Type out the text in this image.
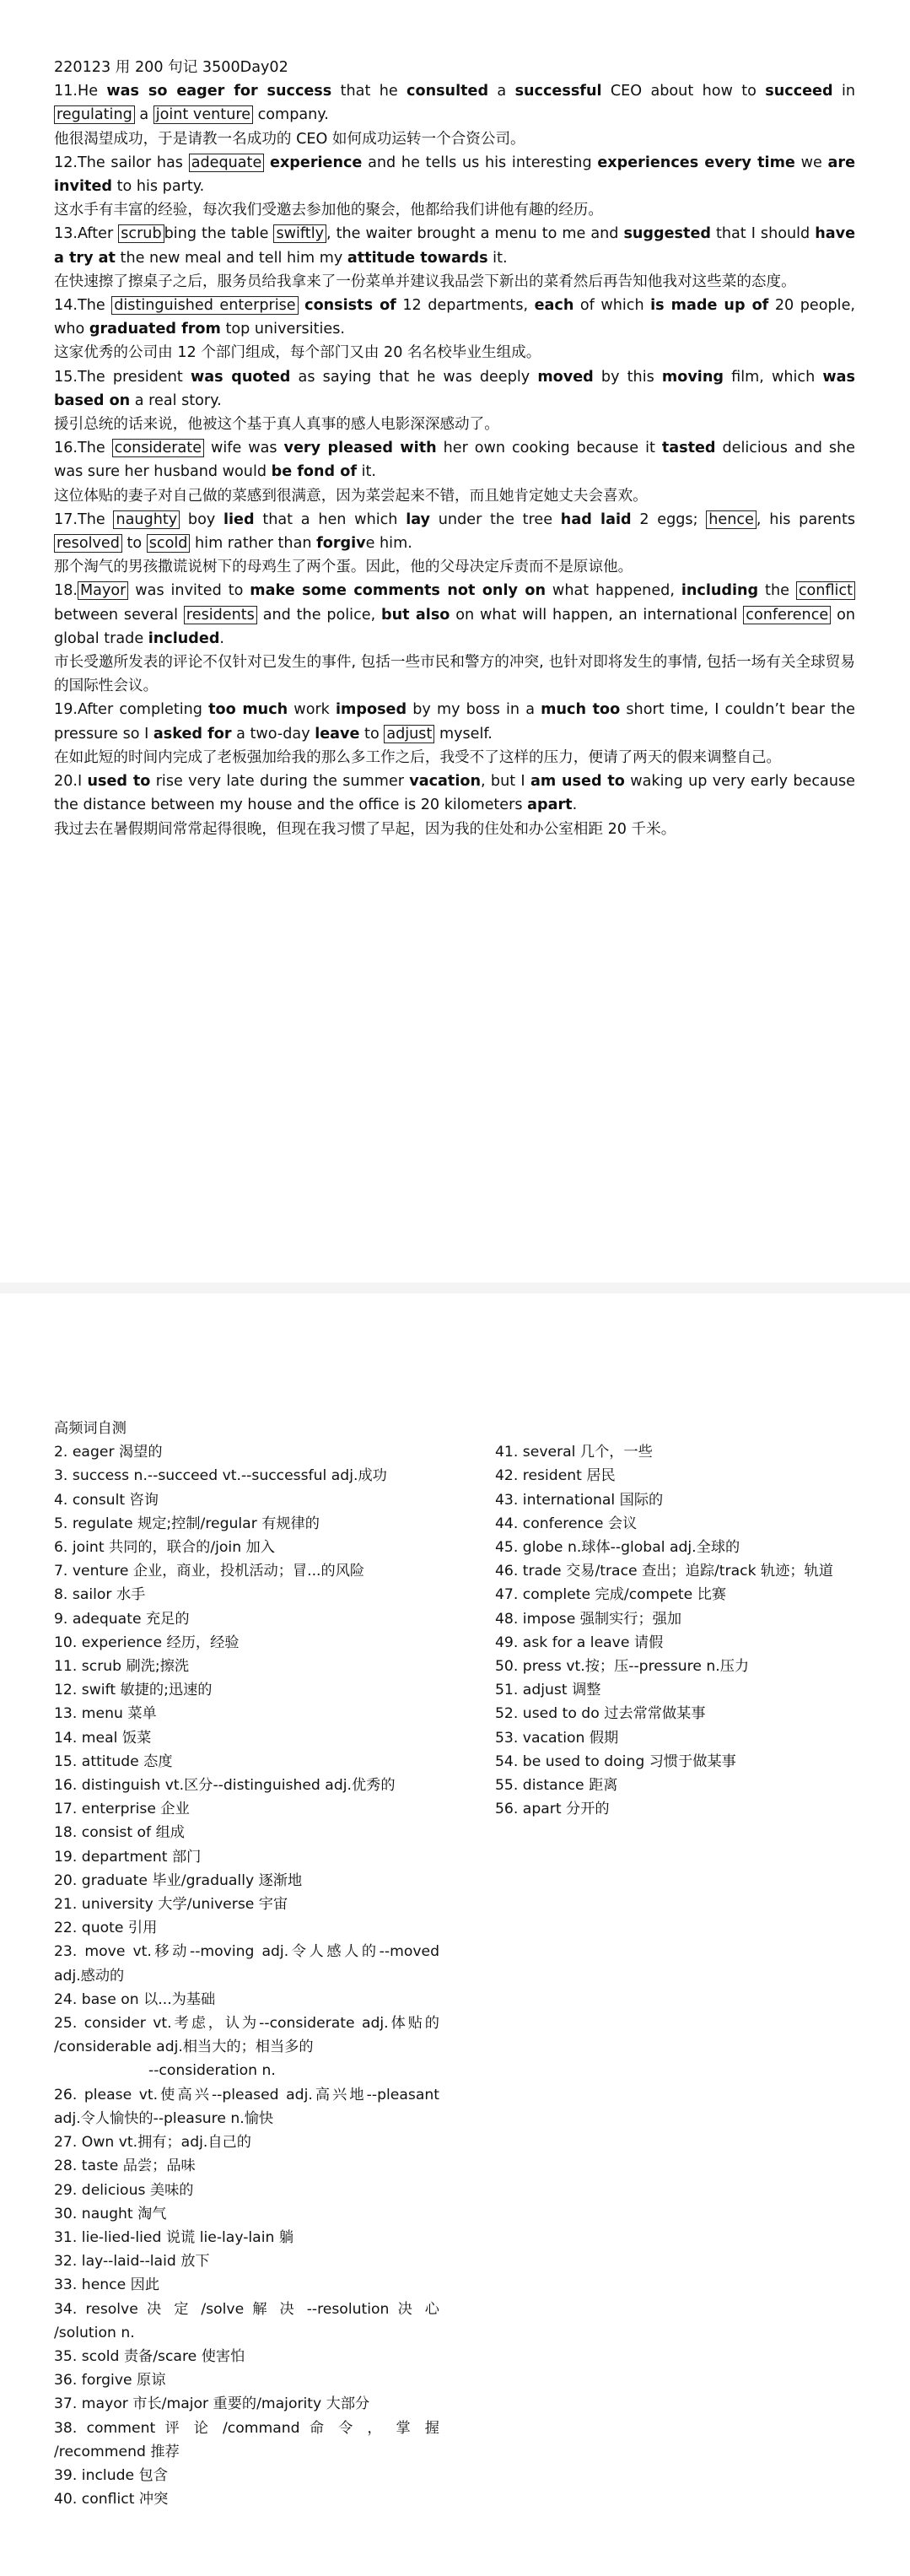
220123 用 200 句记 3500Day02

11.He was so eager for success that he consulted a successful CEO about how to succeed in regulating a joint venture company.

他很渴望成功，于是请教一名成功的 CEO 如何成功运转一个合资公司。

12.The sailor has adequate experience and he tells us his interesting experiences every time we are invited to his party.

这水手有丰富的经验，每次我们受邀去参加他的聚会，他都给我们讲他有趣的经历。

13.After scrub bing the table swiftly , the waiter brought a menu to me and suggested that I should have a try at the new meal and tell him my attitude towards it.

在快速擦了擦桌子之后，服务员给我拿来了一份菜单并建议我品尝下新出的菜肴然后再告知他我对这些菜的态度。

14.The distinguished enterprise consists of 12 departments, each of which is made up of 20 people, who graduated from top universities.

这家优秀的公司由 12 个部门组成，每个部门又由 20 名名校毕业生组成。

15.The president was quoted as saying that he was deeply moved by this moving film, which was based on a real story.

援引总统的话来说，他被这个基于真人真事的感人电影深深感动了。

16.The considerate wife was very pleased with her own cooking because it tasted delicious and she was sure her husband would be fond of it.

这位体贴的妻子对自己做的菜感到很满意，因为菜尝起来不错，而且她肯定她丈夫会喜欢。

17.The naughty boy lied that a hen which lay under the tree had laid 2 eggs; hence , his parents resolved to scold him rather than forgive him.

那个淘气的男孩撒谎说树下的母鸡生了两个蛋。因此，他的父母决定斥责而不是原谅他。

18. Mayor was invited to make some comments not only on what happened, including the conflict between several residents and the police, but also on what will happen, an international conference on global trade included.

市长受邀所发表的评论不仅针对已发生的事件, 包括一些市民和警方的冲突, 也针对即将发生的事情, 包括一场有关全球贸易的国际性会议。

19.After completing too much work imposed by my boss in a much too short time, I couldn’t bear the pressure so I asked for a two-day leave to adjust myself.

在如此短的时间内完成了老板强加给我的那么多工作之后，我受不了这样的压力，便请了两天的假来调整自己。

20.I used to rise very late during the summer vacation, but I am used to waking up very early because the distance between my house and the office is 20 kilometers apart.

我过去在暑假期间常常起得很晚，但现在我习惯了早起，因为我的住处和办公室相距 20 千米。

高频词自测
2. eager 渴望的
3. success n.--succeed vt.--successful adj.成功
4. consult 咨询
5. regulate 规定;控制/regular 有规律的
6. joint 共同的，联合的/join 加入
7. venture 企业，商业，投机活动；冒...的风险
8. sailor 水手
9. adequate 充足的
10. experience 经历，经验
11. scrub 刷洗;擦洗
12. swift 敏捷的;迅速的
13. menu 菜单
14. meal 饭菜
15. attitude 态度
16. distinguish vt.区分--distinguished adj.优秀的
17. enterprise 企业
18. consist of 组成
19. department 部门
20. graduate 毕业/gradually 逐渐地
21. university 大学/universe 宇宙
22. quote 引用
23. move vt.移动--moving adj.令人感人的--moved
adj.感动的
24. base on 以...为基础
25. consider vt.考虑，认为--considerate adj.体贴的
/considerable adj.相当大的；相当多的
--consideration n.
26. please vt.使高兴--pleased adj.高兴地--pleasant
adj.令人愉快的--pleasure n.愉快
27. Own vt.拥有；adj.自己的
28. taste 品尝；品味
29. delicious 美味的
30. naught 淘气
31. lie-lied-lied 说谎 lie-lay-lain 躺
32. lay--laid--laid 放下
33. hence 因此
34. resolve 决 定 /solve 解 决 --resolution 决 心
/solution n.
35. scold 责备/scare 使害怕
36. forgive 原谅
37. mayor 市长/major 重要的/majority 大部分
38. comment 评 论 /command 命 令 ， 掌 握
/recommend 推荐
39. include 包含
40. conflict 冲突
41. several 几个，一些
42. resident 居民
43. international 国际的
44. conference 会议
45. globe n.球体--global adj.全球的
46. trade 交易/trace 查出；追踪/track 轨迹；轨道
47. complete 完成/compete 比赛
48. impose 强制实行；强加
49. ask for a leave 请假
50. press vt.按；压--pressure n.压力
51. adjust 调整
52. used to do 过去常常做某事
53. vacation 假期
54. be used to doing 习惯于做某事
55. distance 距离
56. apart 分开的
